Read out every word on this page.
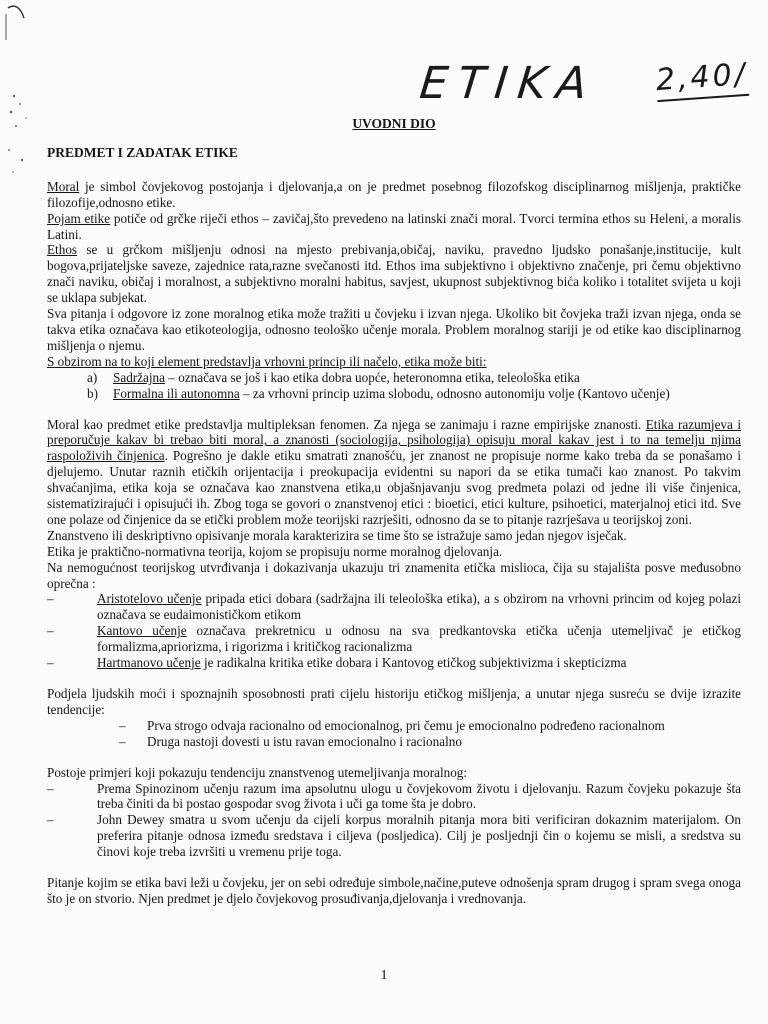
ETIKA 2,40/
UVODNI DIO
PREDMET I ZADATAK ETIKE

Moral je simbol čovjekovog postojanja i djelovanja,a on je predmet posebnog filozofskog disciplinarnog mišljenja, praktičke filozofije,odnosno etike.

Pojam etike potiče od grčke riječi ethos – zavičaj,što prevedeno na latinski znači moral. Tvorci termina ethos su Heleni, a moralis Latini.

Ethos se u grčkom mišljenju odnosi na mjesto prebivanja,običaj, naviku, pravedno ljudsko ponašanje,institucije, kult bogova,prijateljske saveze, zajednice rata,razne svečanosti itd. Ethos ima subjektivno i objektivno značenje, pri čemu objektivno znači naviku, običaj i moralnost, a subjektivno moralni habitus, savjest, ukupnost subjektivnog bića koliko i totalitet svijeta u koji se uklapa subjekat.

Sva pitanja i odgovore iz zone moralnog etika može tražiti u čovjeku i izvan njega. Ukoliko bit čovjeka traži izvan njega, onda se takva etika označava kao etikoteologija, odnosno teološko učenje morala. Problem moralnog stariji je od etike kao disciplinarnog mišljenja o njemu.

S obzirom na to koji element predstavlja vrhovni princip ili načelo, etika može biti:

a) Sadržajna – označava se još i kao etika dobra uopće, heteronomna etika, teleološka etika
b) Formalna ili autonomna – za vrhovni princip uzima slobodu, odnosno autonomiju volje (Kantovo učenje)

Moral kao predmet etike predstavlja multipleksan fenomen. Za njega se zanimaju i razne empirijske znanosti. Etika razumjeva i preporučuje kakav bi trebao biti moral, a znanosti (sociologija, psihologija) opisuju moral kakav jest i to na temelju njima raspoloživih činjenica. Pogrešno je dakle etiku smatrati znanošću, jer znanost ne propisuje norme kako treba da se ponašamo i djelujemo. Unutar raznih etičkih orijentacija i preokupacija evidentni su napori da se etika tumači kao znanost. Po takvim shvaćanjima, etika koja se označava kao znanstvena etika,u objašnjavanju svog predmeta polazi od jedne ili više činjenica, sistematizirajući i opisujući ih. Zbog toga se govori o znanstvenoj etici : bioetici, etici kulture, psihoetici, materjalnoj etici itd. Sve one polaze od činjenice da se etički problem može teorijski razrješiti, odnosno da se to pitanje razrješava u teorijskoj zoni.

Znanstveno ili deskriptivno opisivanje morala karakterizira se time što se istražuje samo jedan njegov isječak.

Etika je praktično-normativna teorija, kojom se propisuju norme moralnog djelovanja.

Na nemogućnost teorijskog utvrđivanja i dokazivanja ukazuju tri znamenita etička mislioca, čija su stajališta posve međusobno oprečna :

–	Aristotelovo učenje pripada etici dobara (sadržajna ili teleološka etika), a s obzirom na vrhovni princim od kojeg polazi označava se eudaimonističkom etikom
–	Kantovo učenje označava prekretnicu u odnosu na sva predkantovska etička učenja utemeljivač je etičkog formalizma,apriorizma, i rigorizma i kritičkog racionalizma
–	Hartmanovo učenje je radikalna kritika etike dobara i Kantovog etičkog subjektivizma i skepticizma

Podjela ljudskih moći i spoznajnih sposobnosti prati cijelu historiju etičkog mišljenja, a unutar njega susreću se dvije izrazite tendencije:

– Prva strogo odvaja racionalno od emocionalnog, pri čemu je emocionalno podređeno racionalnom
– Druga nastoji dovesti u istu ravan emocionalno i racionalno

Postoje primjeri koji pokazuju tendenciju znanstvenog utemeljivanja moralnog:

–	Prema Spinozinom učenju razum ima apsolutnu ulogu u čovjekovom životu i djelovanju. Razum čovjeku pokazuje šta treba činiti da bi postao gospodar svog života i uči ga tome šta je dobro.
–	John Dewey smatra u svom učenju da cijeli korpus moralnih pitanja mora biti verificiran dokaznim materijalom. On preferira pitanje odnosa između sredstava i ciljeva (posljedica). Cilj je posljednji čin o kojemu se misli, a sredstva su činovi koje treba izvršiti u vremenu prije toga.

Pitanje kojim se etika bavi leži u čovjeku, jer on sebi određuje simbole,načine,puteve odnošenja spram drugog i spram svega onoga što je on stvorio. Njen predmet je djelo čovjekovog prosuđivanja,djelovanja i vrednovanja.

1
